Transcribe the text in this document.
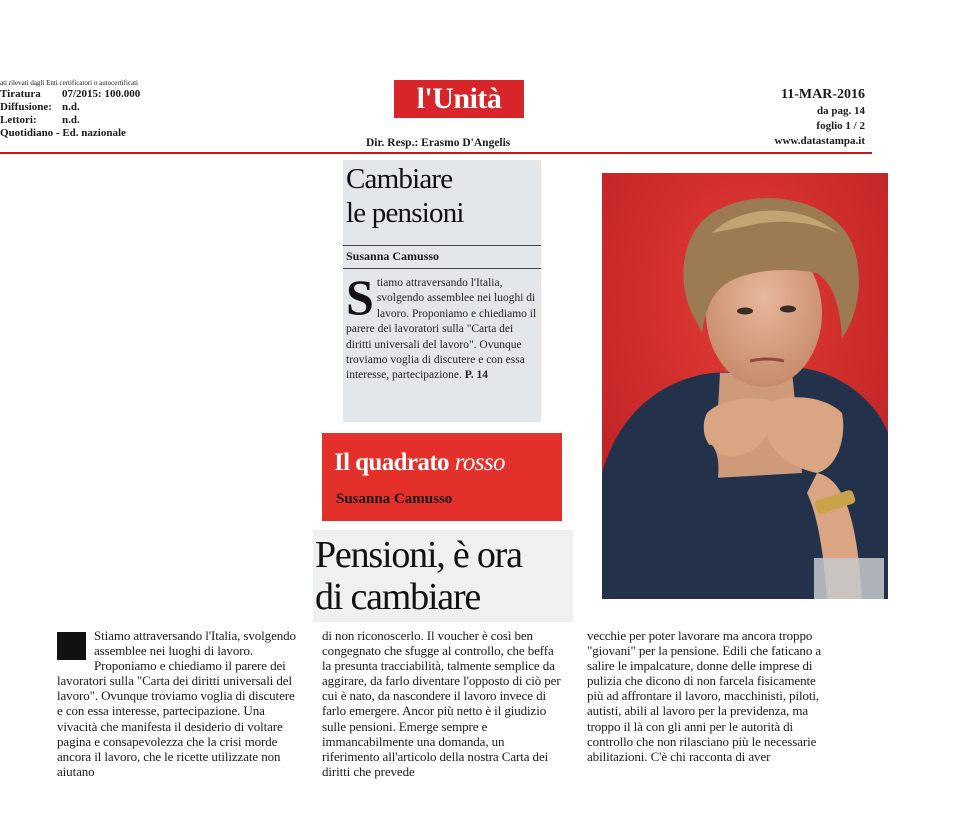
ati rilevati dagli Enti certificatori o autocertificati
Tiratura	07/2015: 100.000
Diffusione: n.d.
Lettori:	n.d.
Quotidiano - Ed. nazionale
l'Unità
Dir. Resp.: Erasmo D'Angelis
11-MAR-2016
da pag. 14
foglio 1 / 2
www.datastampa.it
Cambiare
le pensioni
Susanna Camusso
Stiamo attraversando l'Italia, svolgendo assemblee nei luoghi di lavoro. Proponiamo e chiediamo il parere dei lavoratori sulla "Carta dei diritti universali del lavoro". Ovunque troviamo voglia di discutere e con essa interesse, partecipazione. P. 14
Il quadrato rosso
Susanna Camusso
Pensioni, è ora
di cambiare
Stiamo attraversando l'Italia, svolgendo assemblee nei luoghi di lavoro. Proponiamo e chiediamo il parere dei lavoratori sulla "Carta dei diritti universali del lavoro". Ovunque troviamo voglia di discutere e con essa interesse, partecipazione. Una vivacità che manifesta il desiderio di voltare pagina e consapevolezza che la crisi morde ancora il lavoro, che le ricette utilizzate non aiutano
di non riconoscerlo. Il voucher è così ben congegnato che sfugge al controllo, che beffa la presunta tracciabilità, talmente semplice da aggirare, da farlo diventare l'opposto di ciò per cui è nato, da nascondere il lavoro invece di farlo emergere. Ancor più netto è il giudizio sulle pensioni. Emerge sempre e immancabilmente una domanda, un riferimento all'articolo della nostra Carta dei diritti che prevede
vecchie per poter lavorare ma ancora troppo "giovani" per la pensione. Edili che faticano a salire le impalcature, donne delle imprese di pulizia che dicono di non farcela fisicamente più ad affrontare il lavoro, macchinisti, piloti, autisti, abili al lavoro per la previdenza, ma troppo il là con gli anni per le autorità di controllo che non rilasciano più le necessarie abilitazioni. C'è chi racconta di aver
